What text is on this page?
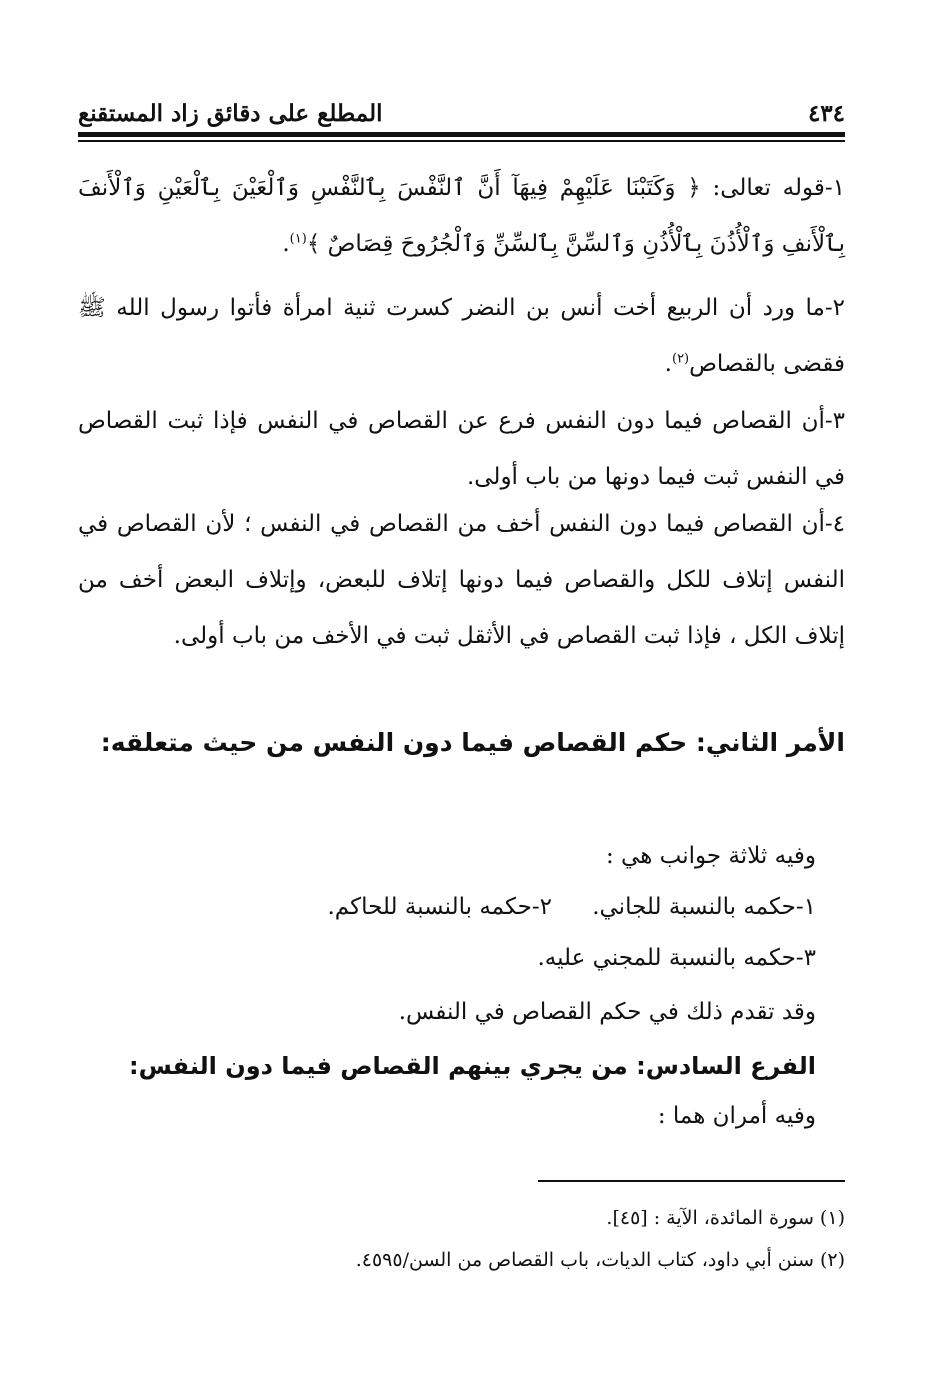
٤٣٤
المطلع على دقائق زاد المستقنع
١-قوله تعالى: ﴿ وَكَتَبْنَا عَلَيْهِمْ فِيهَآ أَنَّ ٱلنَّفْسَ بِٱلنَّفْسِ وَٱلْعَيْنَ بِٱلْعَيْنِ وَٱلْأَنفَ بِٱلْأَنفِ وَٱلْأُذُنَ بِٱلْأُذُنِ وَٱلسِّنَّ بِٱلسِّنِّ وَٱلْجُرُوحَ قِصَاصٌ ﴾$^{(١)}$.
٢-ما ورد أن الربيع أخت أنس بن النضر كسرت ثنية امرأة فأتوا رسول الله ﷺ فقضى بالقصاص$^{(٢)}$.
٣-أن القصاص فيما دون النفس فرع عن القصاص في النفس فإذا ثبت القصاص في النفس ثبت فيما دونها من باب أولى.
٤-أن القصاص فيما دون النفس أخف من القصاص في النفس ؛ لأن القصاص في النفس إتلاف للكل والقصاص فيما دونها إتلاف للبعض، وإتلاف البعض أخف من إتلاف الكل ، فإذا ثبت القصاص في الأثقل ثبت في الأخف من باب أولى.
الأمر الثاني: حكم القصاص فيما دون النفس من حيث متعلقه:
وفيه ثلاثة جوانب هي :
١-حكمه بالنسبة للجاني.
٢-حكمه بالنسبة للحاكم.
٣-حكمه بالنسبة للمجني عليه.
وقد تقدم ذلك في حكم القصاص في النفس.
الفرع السادس: من يجري بينهم القصاص فيما دون النفس:
وفيه أمران هما :
(١) سورة المائدة، الآية : [٤٥].
(٢) سنن أبي داود، كتاب الديات، باب القصاص من السن/٤٥٩٥.
